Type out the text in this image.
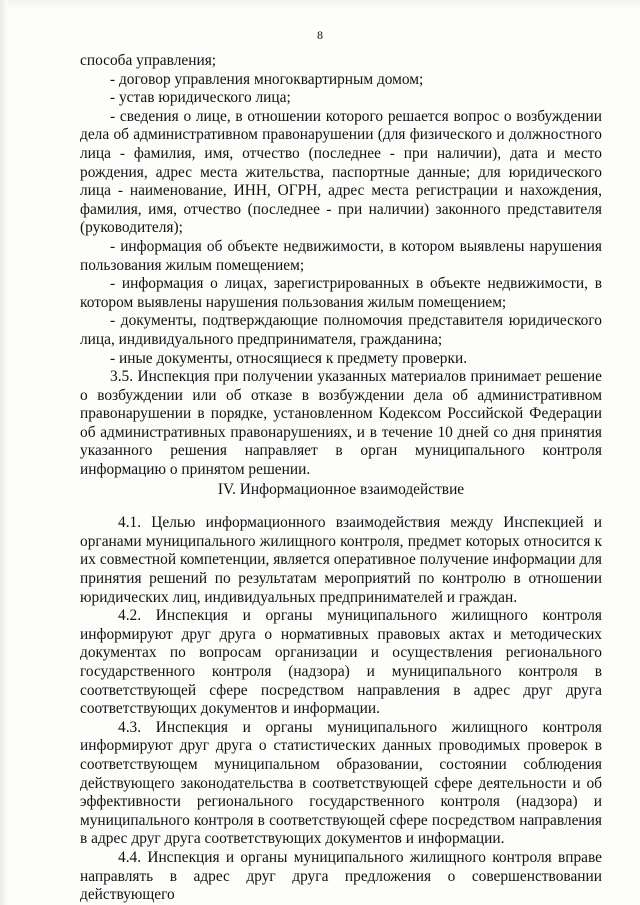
8

способа управления;

- договор управления многоквартирным домом;

- устав юридического лица;

- сведения о лице, в отношении которого решается вопрос о возбуждении дела об административном правонарушении (для физического и должностного лица - фамилия, имя, отчество (последнее - при наличии), дата и место рождения, адрес места жительства, паспортные данные; для юридического лица - наименование, ИНН, ОГРН, адрес места регистрации и нахождения, фамилия, имя, отчество (последнее - при наличии) законного представителя (руководителя);

- информация об объекте недвижимости, в котором выявлены нарушения пользования жилым помещением;

- информация о лицах, зарегистрированных в объекте недвижимости, в котором выявлены нарушения пользования жилым помещением;

- документы, подтверждающие полномочия представителя юридического лица, индивидуального предпринимателя, гражданина;

- иные документы, относящиеся к предмету проверки.

3.5. Инспекция при получении указанных материалов принимает решение о возбуждении или об отказе в возбуждении дела об административном правонарушении в порядке, установленном Кодексом Российской Федерации об административных правонарушениях, и в течение 10 дней со дня принятия указанного решения направляет в орган муниципального контроля информацию о принятом решении.

IV. Информационное взаимодействие

4.1. Целью информационного взаимодействия между Инспекцией и органами муниципального жилищного контроля, предмет которых относится к их совместной компетенции, является оперативное получение информации для принятия решений по результатам мероприятий по контролю в отношении юридических лиц, индивидуальных предпринимателей и граждан.

4.2. Инспекция и органы муниципального жилищного контроля информируют друг друга о нормативных правовых актах и методических документах по вопросам организации и осуществления регионального государственного контроля (надзора) и муниципального контроля в соответствующей сфере посредством направления в адрес друг друга соответствующих документов и информации.

4.3. Инспекция и органы муниципального жилищного контроля информируют друг друга о статистических данных проводимых проверок в соответствующем муниципальном образовании, состоянии соблюдения действующего законодательства в соответствующей сфере деятельности и об эффективности регионального государственного контроля (надзора) и муниципального контроля в соответствующей сфере посредством направления в адрес друг друга соответствующих документов и информации.

4.4. Инспекция и органы муниципального жилищного контроля вправе направлять в адрес друг друга предложения о совершенствовании действующего
